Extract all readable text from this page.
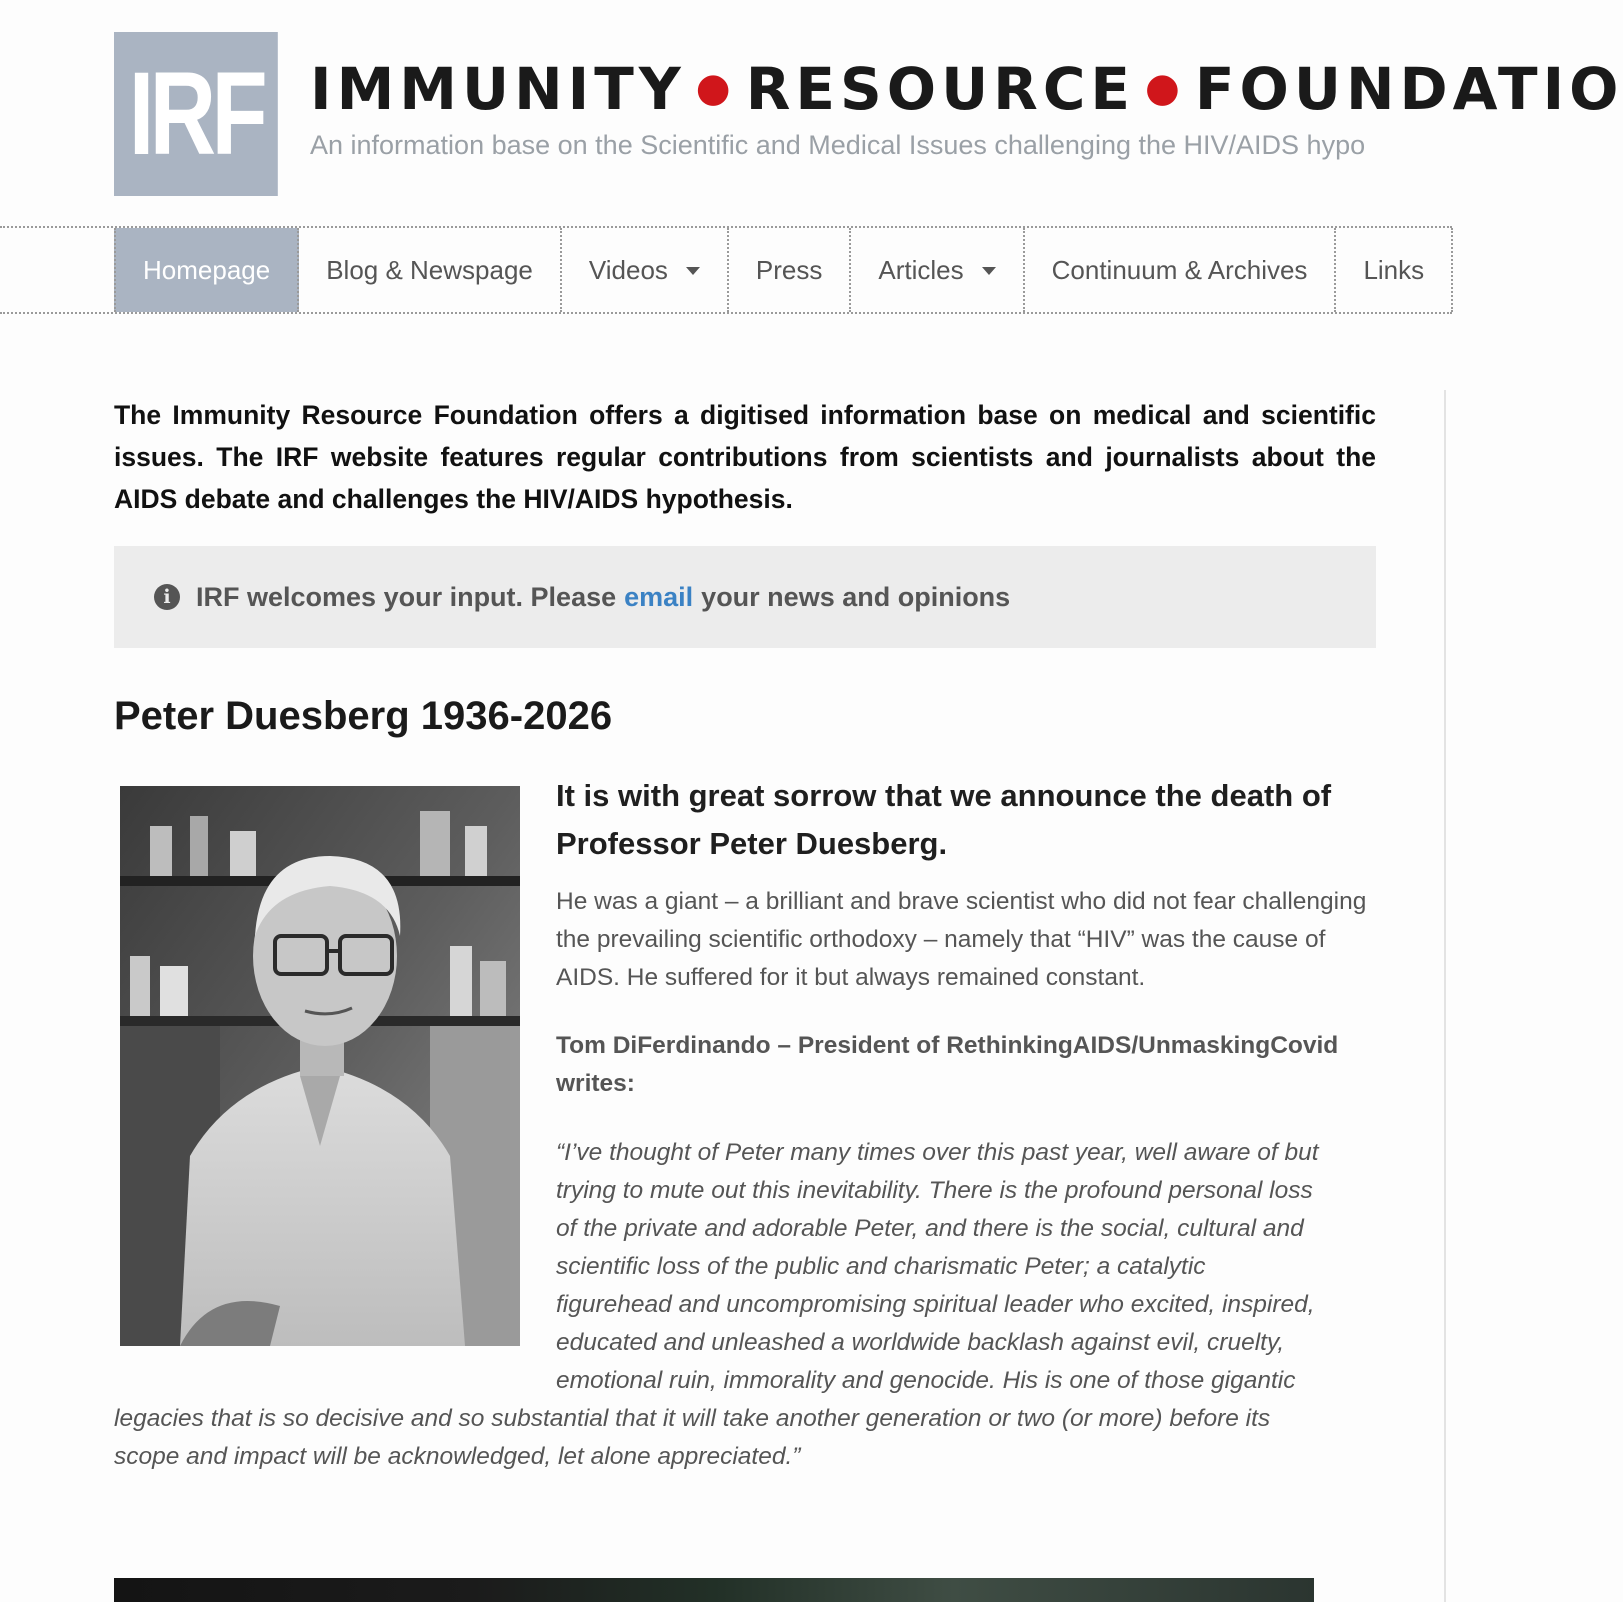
IRF IMMUNITY ● RESOURCE ● FOUNDATIO
An information base on the Scientific and Medical Issues challenging the HIV/AIDS hypo
Homepage Blog & Newspage Videos	Press Articles	Continuum & Archives Links

The Immunity Resource Foundation offers a digitised information base on medical and scientific issues. The IRF website features regular contributions from scientists and journalists about the AIDS debate and challenges the HIV/AIDS hypothesis.

i IRF welcomes your input. Please email your news and opinions
Peter Duesberg 1936-2026

It is with great sorrow that we announce the death of Professor Peter Duesberg.

He was a giant – a brilliant and brave scientist who did not fear challenging the prevailing scientific orthodoxy – namely that “HIV” was the cause of AIDS. He suffered for it but always remained constant.

Tom DiFerdinando – President of RethinkingAIDS/UnmaskingCovid writes:

“I’ve thought of Peter many times over this past year, well aware of but
trying to mute out this inevitability. There is the profound personal loss
of the private and adorable Peter, and there is the social, cultural and
scientific loss of the public and charismatic Peter; a catalytic
figurehead and uncompromising spiritual leader who excited, inspired,
educated and unleashed a worldwide backlash against evil, cruelty,
emotional ruin, immorality and genocide. His is one of those gigantic
legacies that is so decisive and so substantial that it will take another generation or two (or more) before its
scope and impact will be acknowledged, let alone appreciated.”
